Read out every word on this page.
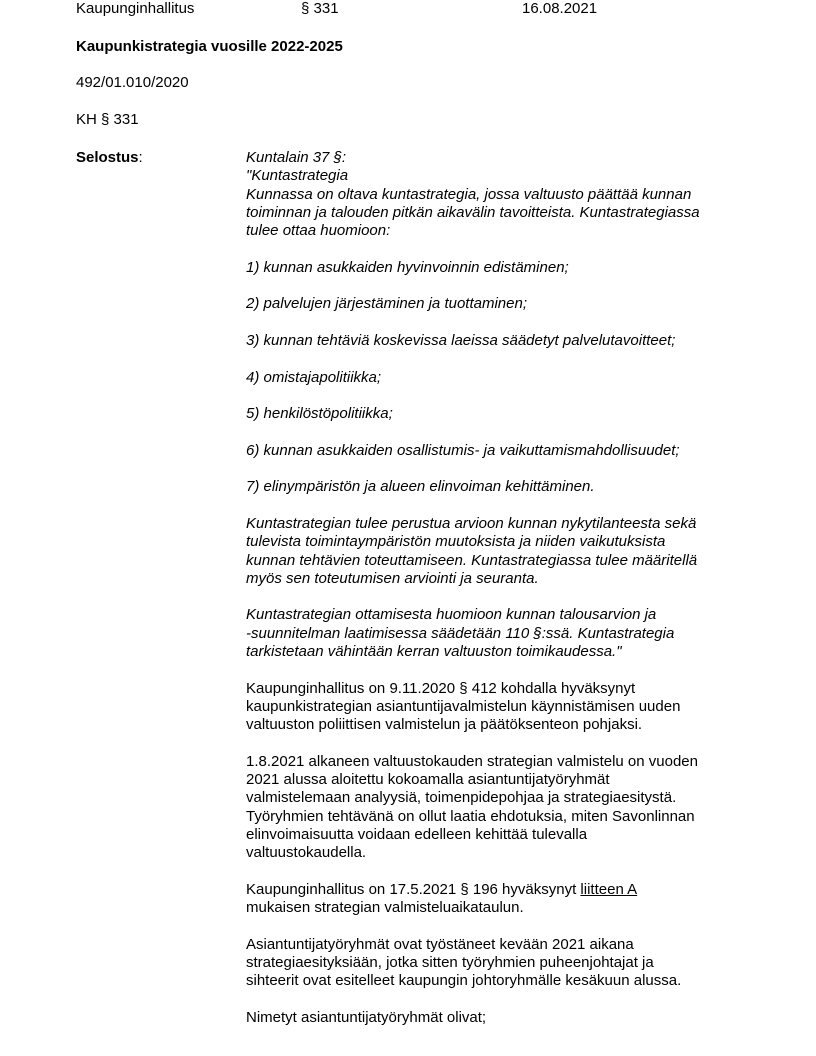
Kaupunginhallitus	§ 331	16.08.2021
Kaupunkistrategia vuosille 2022-2025
492/01.010/2020
KH § 331
Selostus:	Kuntalain 37 §:

"Kuntastrategia

Kunnassa on oltava kuntastrategia, jossa valtuusto päättää kunnan

toiminnan ja talouden pitkän aikavälin tavoitteista. Kuntastrategiassa

tulee ottaa huomioon:

1) kunnan asukkaiden hyvinvoinnin edistäminen;

2) palvelujen järjestäminen ja tuottaminen;

3) kunnan tehtäviä koskevissa laeissa säädetyt palvelutavoitteet;

4) omistajapolitiikka;

5) henkilöstöpolitiikka;

6) kunnan asukkaiden osallistumis- ja vaikuttamismahdollisuudet;

7) elinympäristön ja alueen elinvoiman kehittäminen.

Kuntastrategian tulee perustua arvioon kunnan nykytilanteesta sekä

tulevista toimintaympäristön muutoksista ja niiden vaikutuksista

kunnan tehtävien toteuttamiseen. Kuntastrategiassa tulee määritellä

myös sen toteutumisen arviointi ja seuranta.

Kuntastrategian ottamisesta huomioon kunnan talousarvion ja

-suunnitelman laatimisessa säädetään 110 §:ssä. Kuntastrategia

tarkistetaan vähintään kerran valtuuston toimikaudessa."

Kaupunginhallitus on 9.11.2020 § 412 kohdalla hyväksynyt

kaupunkistrategian asiantuntijavalmistelun käynnistämisen uuden

valtuuston poliittisen valmistelun ja päätöksenteon pohjaksi.

1.8.2021 alkaneen valtuustokauden strategian valmistelu on vuoden

2021 alussa aloitettu kokoamalla asiantuntijatyöryhmät

valmistelemaan analyysiä, toimenpidepohjaa ja strategiaesitystä.

Työryhmien tehtävänä on ollut laatia ehdotuksia, miten Savonlinnan

elinvoimaisuutta voidaan edelleen kehittää tulevalla

valtuustokaudella.

Kaupunginhallitus on 17.5.2021 § 196 hyväksynyt liitteen A

mukaisen strategian valmisteluaikataulun.

Asiantuntijatyöryhmät ovat työstäneet kevään 2021 aikana

strategiaesityksiään, jotka sitten työryhmien puheenjohtajat ja

sihteerit ovat esitelleet kaupungin johtoryhmälle kesäkuun alussa.

Nimetyt asiantuntijatyöryhmät olivat;
